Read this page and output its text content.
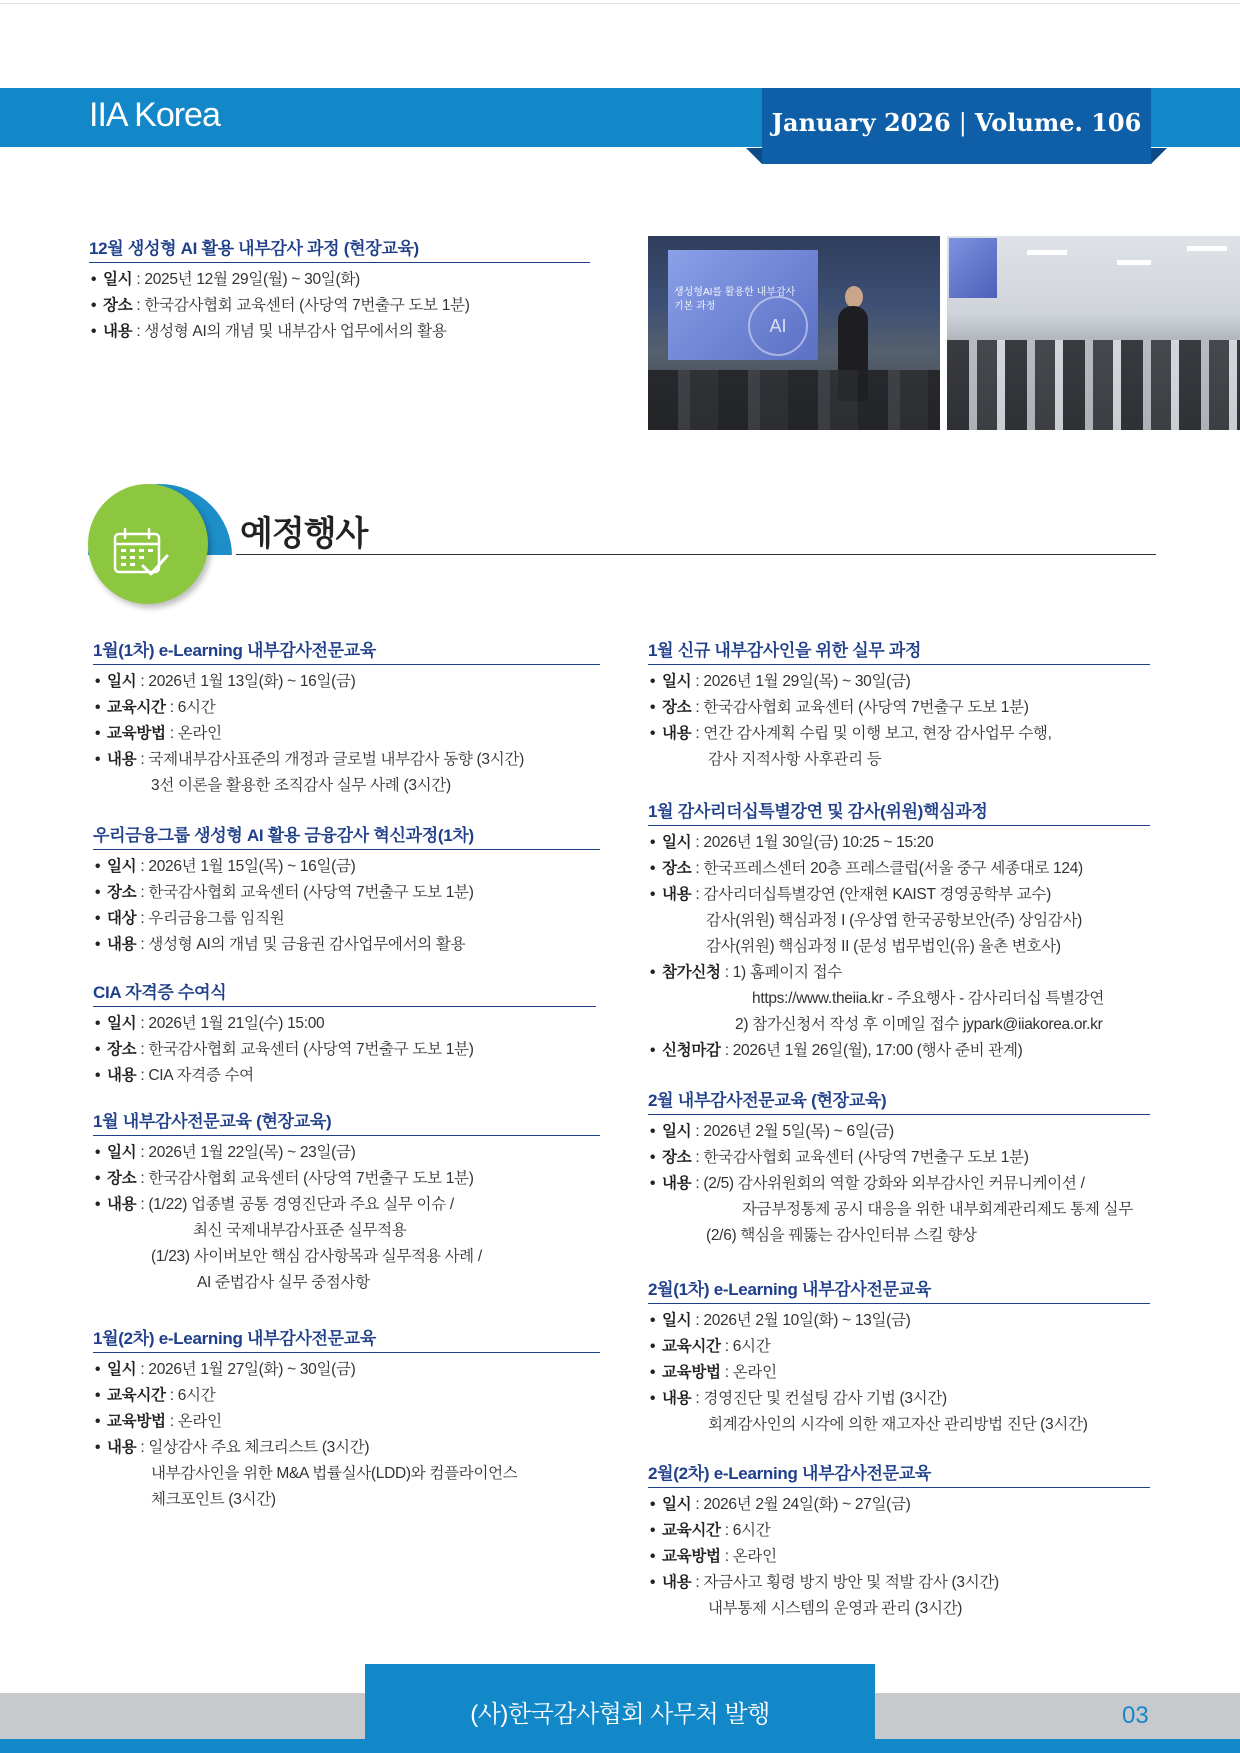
IIA Korea	January 2026 | Volume. 106
12월 생성형 AI 활용 내부감사 과정 (현장교육)
• 일시 : 2025년 12월 29일(월) ~ 30일(화)
• 장소 : 한국감사협회 교육센터 (사당역 7번출구 도보 1분)
• 내용 : 생성형 AI의 개념 및 내부감사 업무에서의 활용
생성형AI를 활용한 내부감사
기본 과정
AI
예정행사
1월(1차) e-Learning 내부감사전문교육
• 일시 : 2026년 1월 13일(화) ~ 16일(금)
• 교육시간 : 6시간
• 교육방법 : 온라인
• 내용 : 국제내부감사표준의 개정과 글로벌 내부감사 동향 (3시간)
3선 이론을 활용한 조직감사 실무 사례 (3시간)
우리금융그룹 생성형 AI 활용 금융감사 혁신과정(1차)
• 일시 : 2026년 1월 15일(목) ~ 16일(금)
• 장소 : 한국감사협회 교육센터 (사당역 7번출구 도보 1분)
• 대상 : 우리금융그룹 임직원
• 내용 : 생성형 AI의 개념 및 금융권 감사업무에서의 활용
CIA 자격증 수여식
• 일시 : 2026년 1월 21일(수) 15:00
• 장소 : 한국감사협회 교육센터 (사당역 7번출구 도보 1분)
• 내용 : CIA 자격증 수여
1월 내부감사전문교육 (현장교육)
• 일시 : 2026년 1월 22일(목) ~ 23일(금)
• 장소 : 한국감사협회 교육센터 (사당역 7번출구 도보 1분)
• 내용 : (1/22) 업종별 공통 경영진단과 주요 실무 이슈 /
최신 국제내부감사표준 실무적용
(1/23) 사이버보안 핵심 감사항목과 실무적용 사례 /
AI 준법감사 실무 중점사항
1월(2차) e-Learning 내부감사전문교육
• 일시 : 2026년 1월 27일(화) ~ 30일(금)
• 교육시간 : 6시간
• 교육방법 : 온라인
• 내용 : 일상감사 주요 체크리스트 (3시간)
내부감사인을 위한 M&A 법률실사(LDD)와 컴플라이언스
체크포인트 (3시간)
1월 신규 내부감사인을 위한 실무 과정
• 일시 : 2026년 1월 29일(목) ~ 30일(금)
• 장소 : 한국감사협회 교육센터 (사당역 7번출구 도보 1분)
• 내용 : 연간 감사계획 수립 및 이행 보고, 현장 감사업무 수행,
감사 지적사항 사후관리 등
1월 감사리더십특별강연 및 감사(위원)핵심과정
• 일시 : 2026년 1월 30일(금) 10:25 ~ 15:20
• 장소 : 한국프레스센터 20층 프레스클럽(서울 중구 세종대로 124)
• 내용 : 감사리더십특별강연 (안재현 KAIST 경영공학부 교수)
감사(위원) 핵심과정 I (우상엽 한국공항보안(주) 상임감사)
감사(위원) 핵심과정 II (문성 법무법인(유) 율촌 변호사)
• 참가신청 : 1) 홈페이지 접수
https://www.theiia.kr - 주요행사 - 감사리더십 특별강연
2) 참가신청서 작성 후 이메일 접수 jypark@iiakorea.or.kr
• 신청마감 : 2026년 1월 26일(월), 17:00 (행사 준비 관계)
2월 내부감사전문교육 (현장교육)
• 일시 : 2026년 2월 5일(목) ~ 6일(금)
• 장소 : 한국감사협회 교육센터 (사당역 7번출구 도보 1분)
• 내용 : (2/5) 감사위원회의 역할 강화와 외부감사인 커뮤니케이션 /
자금부정통제 공시 대응을 위한 내부회계관리제도 통제 실무
(2/6) 핵심을 꿰뚫는 감사인터뷰 스킬 향상
2월(1차) e-Learning 내부감사전문교육
• 일시 : 2026년 2월 10일(화) ~ 13일(금)
• 교육시간 : 6시간
• 교육방법 : 온라인
• 내용 : 경영진단 및 컨설팅 감사 기법 (3시간)
회계감사인의 시각에 의한 재고자산 관리방법 진단 (3시간)
2월(2차) e-Learning 내부감사전문교육
• 일시 : 2026년 2월 24일(화) ~ 27일(금)
• 교육시간 : 6시간
• 교육방법 : 온라인
• 내용 : 자금사고 횡령 방지 방안 및 적발 감사 (3시간)
내부통제 시스템의 운영과 관리 (3시간)
(사)한국감사협회 사무처 발행	03
